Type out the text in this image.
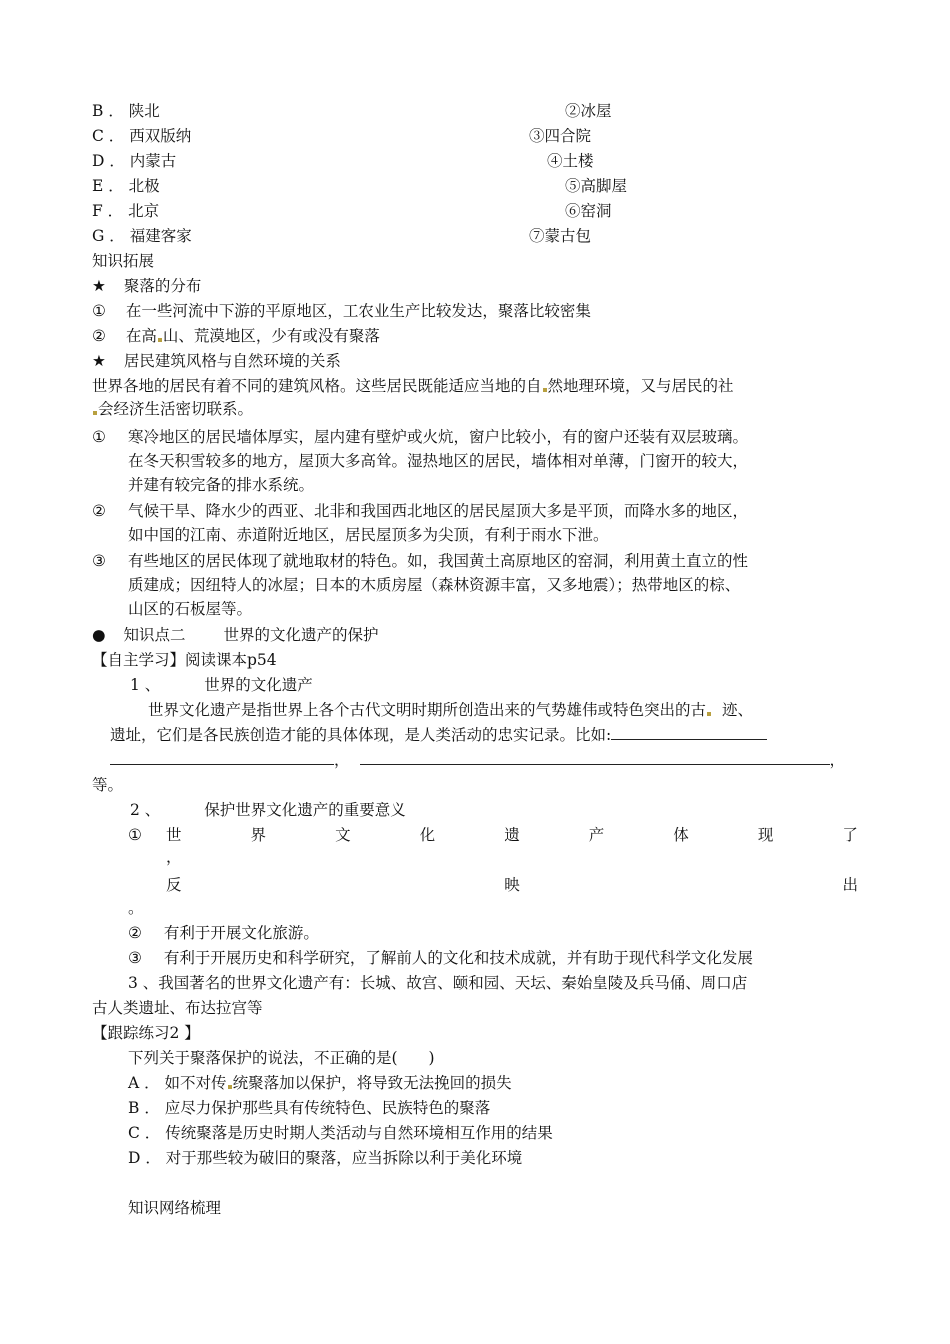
B ． 陕北	②冰屋
C ． 西双版纳	③四合院
D ． 内蒙古	④土楼
E ． 北极	⑤高脚屋
F ． 北京	⑥窑洞
G ． 福建客家	⑦蒙古包
知识拓展
★ 聚落的分布
① 在一些河流中下游的平原地区，工农业生产比较发达，聚落比较密集
② 在高 山、荒漠地区，少有或没有聚落
★ 居民建筑风格与自然环境的关系
世界各地的居民有着不同的建筑风格。这些居民既能适应当地的自 然地理环境，又与居民的社
会经济生活密切联系。
① 寒冷地区的居民墙体厚实，屋内建有壁炉或火炕，窗户比较小，有的窗户还装有双层玻璃。
在冬天积雪较多的地方，屋顶大多高耸。湿热地区的居民，墙体相对单薄，门窗开的较大，
并建有较完备的排水系统。
② 气候干旱、降水少的西亚、北非和我国西北地区的居民屋顶大多是平顶，而降水多的地区，
如中国的江南、赤道附近地区，居民屋顶多为尖顶，有利于雨水下泄。
③ 有些地区的居民体现了就地取材的特色。如，我国黄土高原地区的窑洞，利用黄土直立的性
质建成；因纽特人的冰屋；日本的木质房屋（森林资源丰富，又多地震）；热带地区的棕、
山区的石板屋等。
● 知识点二 世界的文化遗产的保护
【自主学习】阅读课本p54
1 、	世界的文化遗产
世界文化遗产是指世界上各个古代文明时期所创造出来的气势雄伟或特色突出的古 迹、
遗址，它们是各民族创造才能的具体体现，是人类活动的忠实记录。比如:
，	，
等。
2 、	保护世界文化遗产的重要意义
① 世	界	文	化	遗	产	体	现	了
，
反	映	出
。
② 有利于开展文化旅游。
③ 有利于开展历史和科学研究，了解前人的文化和技术成就，并有助于现代科学文化发展
3 、我国著名的世界文化遗产有：长城、故宫、颐和园、天坛、秦始皇陵及兵马俑、周口店
古人类遗址、布达拉宫等
【跟踪练习2 】
下列关于聚落保护的说法，不正确的是(　　)
A ． 如不对传 统聚落加以保护，将导致无法挽回的损失
B ． 应尽力保护那些具有传统特色、民族特色的聚落
C ． 传统聚落是历史时期人类活动与自然环境相互作用的结果
D ． 对于那些较为破旧的聚落，应当拆除以利于美化环境
知识网络梳理
